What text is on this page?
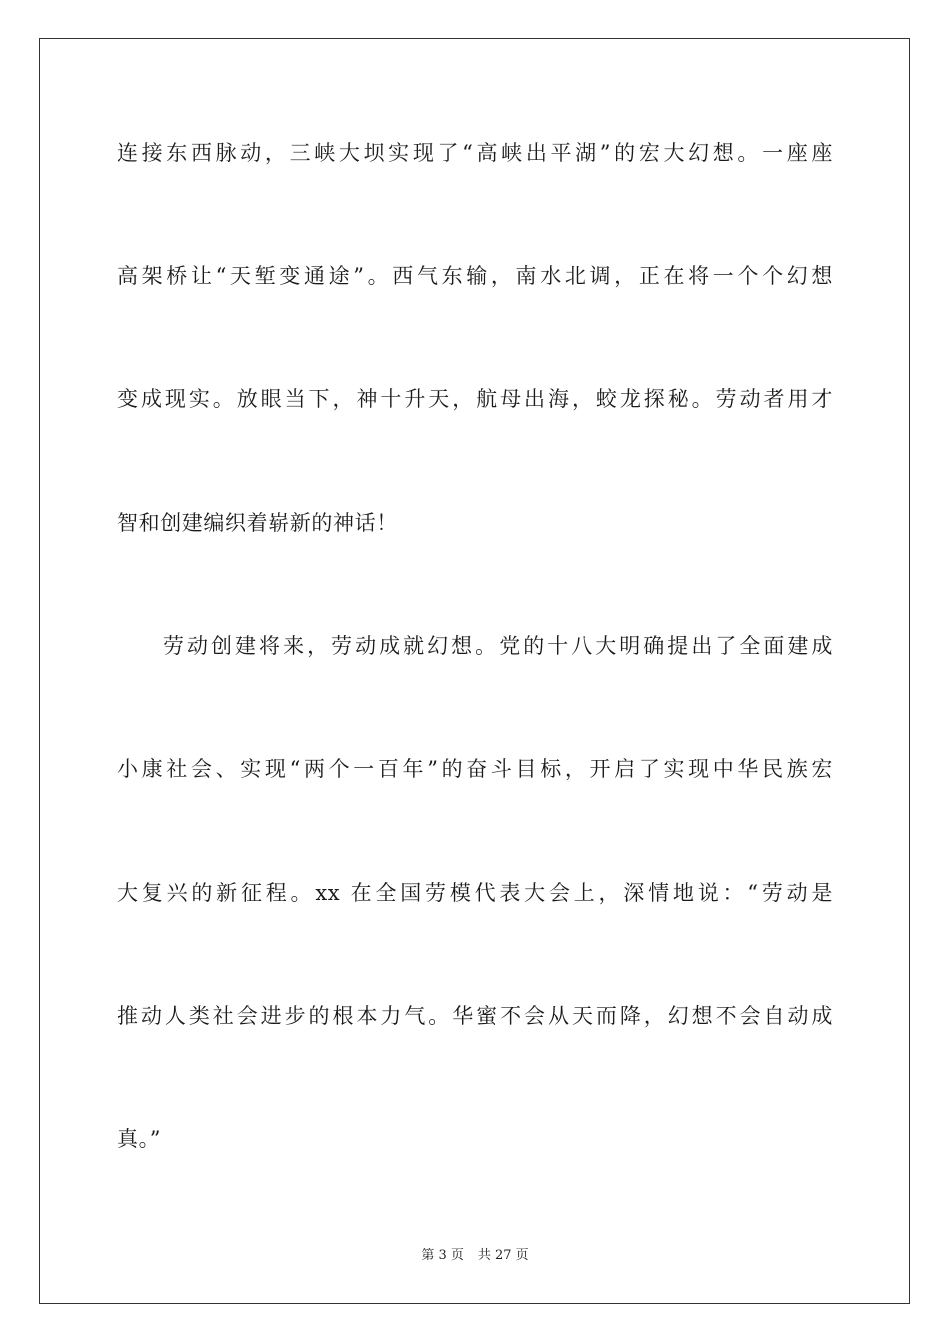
连接东西脉动，三峡大坝实现了“高峡出平湖”的宏大幻想。一座座
高架桥让“天堑变通途”。西气东输，南水北调，正在将一个个幻想
变成现实。放眼当下，神十升天，航母出海，蛟龙探秘。劳动者用才
智和创建编织着崭新的神话！
劳动创建将来，劳动成就幻想。党的十八大明确提出了全面建成
小康社会、实现“两个一百年”的奋斗目标，开启了实现中华民族宏
大复兴的新征程。xx 在全国劳模代表大会上，深情地说：“劳动是
推动人类社会进步的根本力气。华蜜不会从天而降，幻想不会自动成
真。”
第 3 页 共 27 页
